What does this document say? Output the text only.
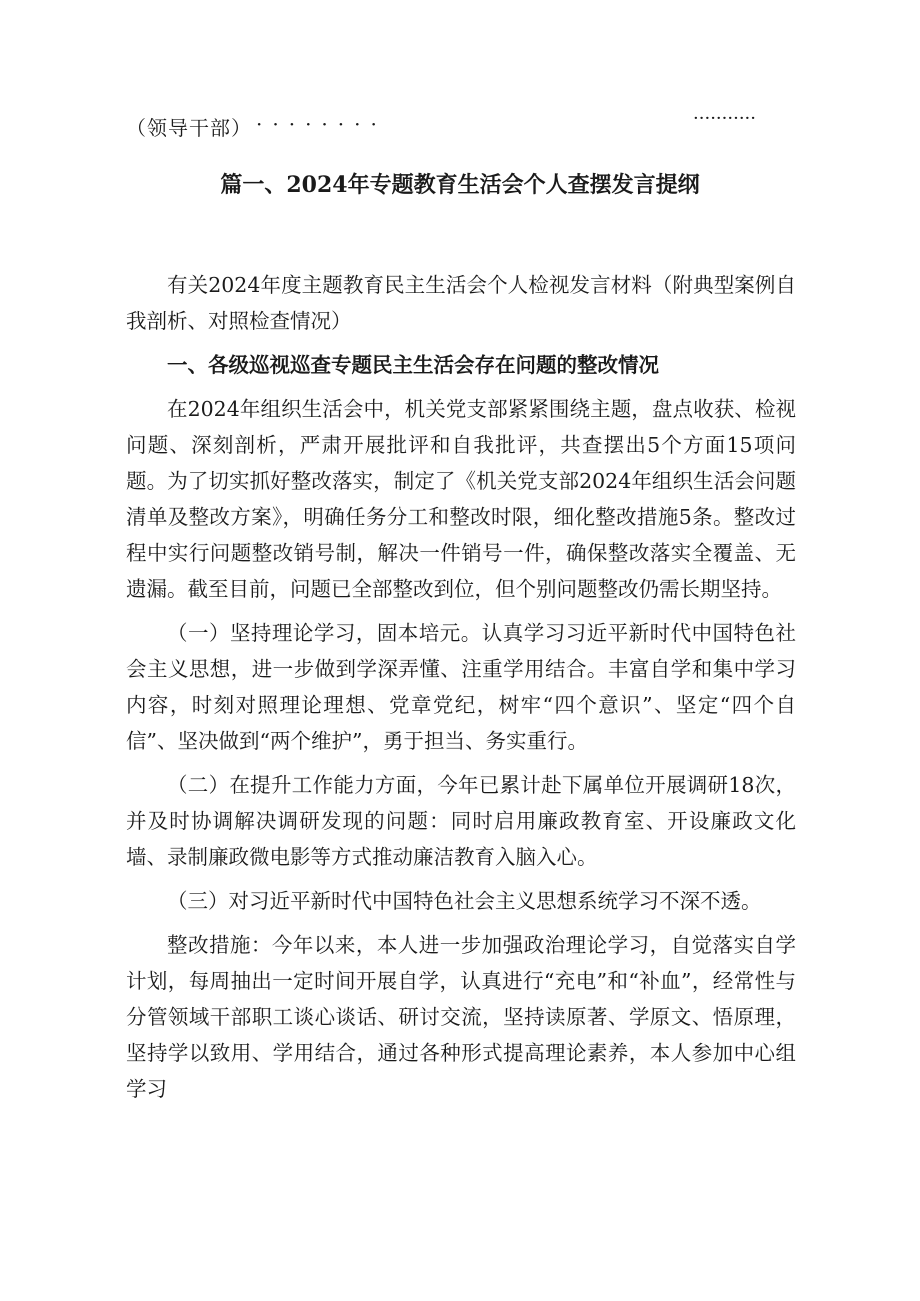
（领导干部） ········	···········
篇一、2024年专题教育生活会个人查摆发言提纲

有关2024年度主题教育民主生活会个人检视发言材料（附典型案例自我剖析、对照检查情况）

一、各级巡视巡查专题民主生活会存在问题的整改情况

在2024年组织生活会中，机关党支部紧紧围绕主题，盘点收获、检视问题、深刻剖析，严肃开展批评和自我批评，共查摆出5个方面15项问题。为了切实抓好整改落实，制定了《机关党支部2024年组织生活会问题清单及整改方案》，明确任务分工和整改时限，细化整改措施5条。整改过程中实行问题整改销号制，解决一件销号一件，确保整改落实全覆盖、无遗漏。截至目前，问题已全部整改到位，但个别问题整改仍需长期坚持。

（一）坚持理论学习，固本培元。认真学习习近平新时代中国特色社会主义思想，进一步做到学深弄懂、注重学用结合。丰富自学和集中学习内容，时刻对照理论理想、党章党纪，树牢“四个意识”、坚定“四个自信”、坚决做到“两个维护”，勇于担当、务实重行。

（二）在提升工作能力方面，今年已累计赴下属单位开展调研18次，并及时协调解决调研发现的问题：同时启用廉政教育室、开设廉政文化墙、录制廉政微电影等方式推动廉洁教育入脑入心。

（三）对习近平新时代中国特色社会主义思想系统学习不深不透。

整改措施：今年以来，本人进一步加强政治理论学习，自觉落实自学计划，每周抽出一定时间开展自学，认真进行“充电”和“补血”，经常性与分管领域干部职工谈心谈话、研讨交流，坚持读原著、学原文、悟原理，坚持学以致用、学用结合，通过各种形式提高理论素养，本人参加中心组学习
